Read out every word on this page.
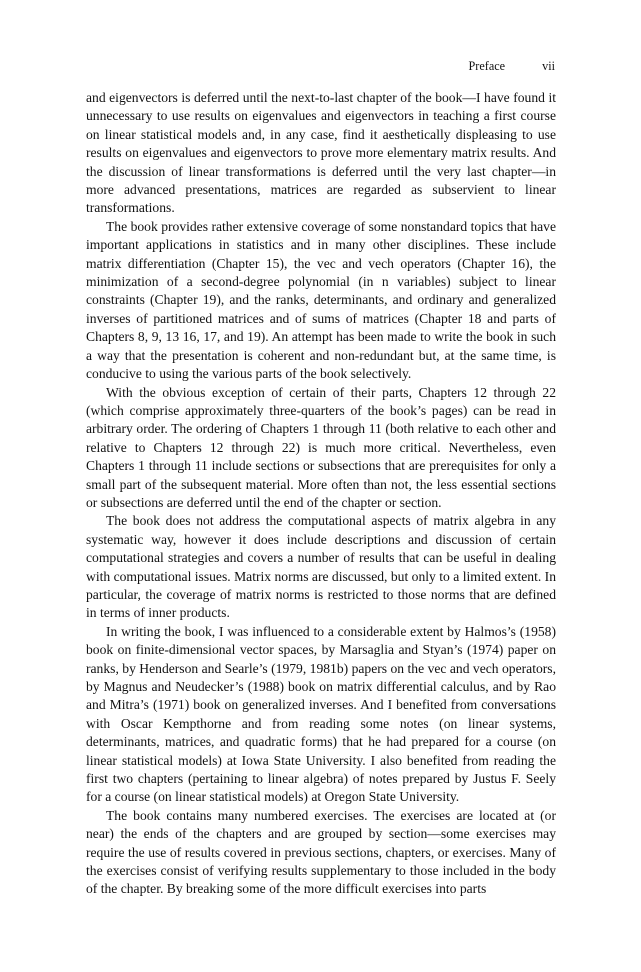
Preface	vii

and eigenvectors is deferred until the next-to-last chapter of the book—I have found it unnecessary to use results on eigenvalues and eigenvectors in teaching a first course on linear statistical models and, in any case, find it aesthetically displeasing to use results on eigenvalues and eigenvectors to prove more elementary matrix results. And the discussion of linear transformations is deferred until the very last chapter—in more advanced presentations, matrices are regarded as subservient to linear transformations.

The book provides rather extensive coverage of some nonstandard topics that have important applications in statistics and in many other disciplines. These include matrix differentiation (Chapter 15), the vec and vech operators (Chapter 16), the minimization of a second-degree polynomial (in n variables) subject to linear constraints (Chapter 19), and the ranks, determinants, and ordinary and generalized inverses of partitioned matrices and of sums of matrices (Chapter 18 and parts of Chapters 8, 9, 13 16, 17, and 19). An attempt has been made to write the book in such a way that the presentation is coherent and non-redundant but, at the same time, is conducive to using the various parts of the book selectively.

With the obvious exception of certain of their parts, Chapters 12 through 22 (which comprise approximately three-quarters of the book’s pages) can be read in arbitrary order. The ordering of Chapters 1 through 11 (both relative to each other and relative to Chapters 12 through 22) is much more critical. Nevertheless, even Chapters 1 through 11 include sections or subsections that are prerequisites for only a small part of the subsequent material. More often than not, the less essential sections or subsections are deferred until the end of the chapter or section.

The book does not address the computational aspects of matrix algebra in any systematic way, however it does include descriptions and discussion of certain computational strategies and covers a number of results that can be useful in dealing with computational issues. Matrix norms are discussed, but only to a limited extent. In particular, the coverage of matrix norms is restricted to those norms that are defined in terms of inner products.

In writing the book, I was influenced to a considerable extent by Halmos’s (1958) book on finite-dimensional vector spaces, by Marsaglia and Styan’s (1974) paper on ranks, by Henderson and Searle’s (1979, 1981b) papers on the vec and vech operators, by Magnus and Neudecker’s (1988) book on matrix differential calculus, and by Rao and Mitra’s (1971) book on generalized inverses. And I benefited from conversations with Oscar Kempthorne and from reading some notes (on linear systems, determinants, matrices, and quadratic forms) that he had prepared for a course (on linear statistical models) at Iowa State University. I also benefited from reading the first two chapters (pertaining to linear algebra) of notes prepared by Justus F. Seely for a course (on linear statistical models) at Oregon State University.

The book contains many numbered exercises. The exercises are located at (or near) the ends of the chapters and are grouped by section—some exercises may require the use of results covered in previous sections, chapters, or exercises. Many of the exercises consist of verifying results supplementary to those included in the body of the chapter. By breaking some of the more difficult exercises into parts
